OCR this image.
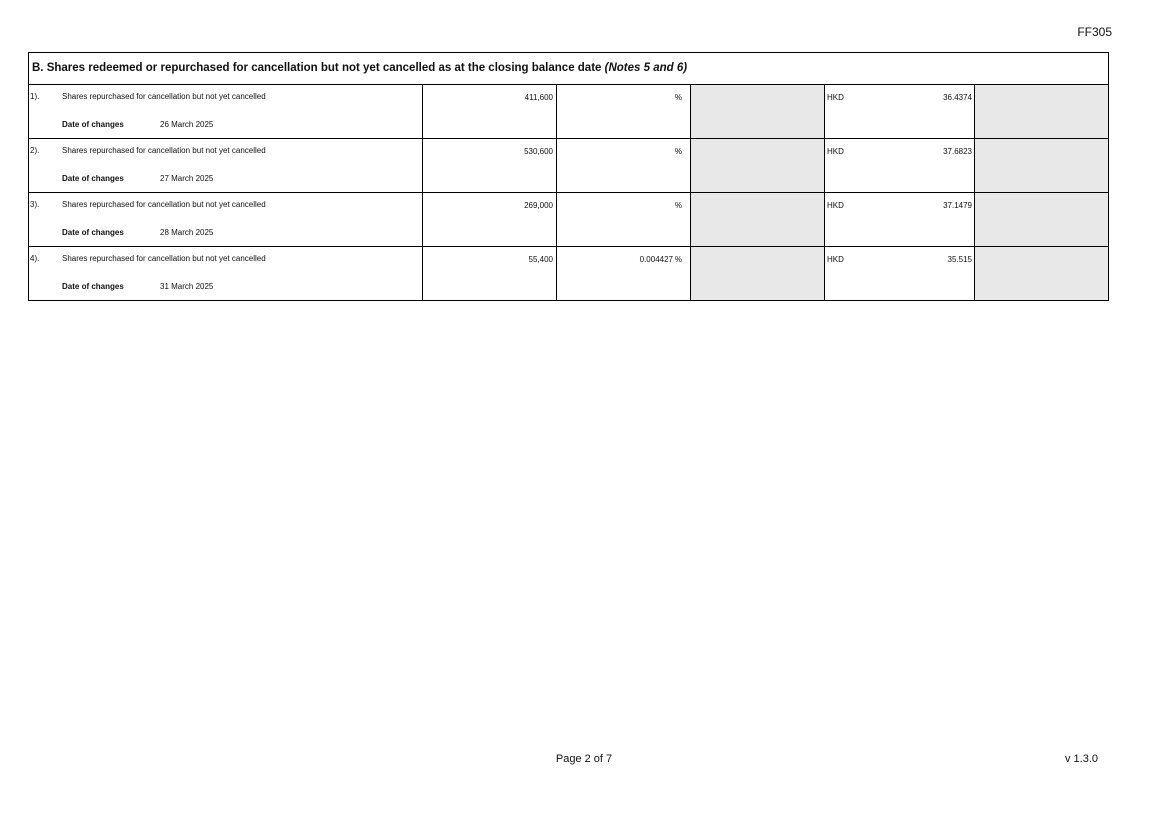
FF305
B. Shares redeemed or repurchased for cancellation but not yet cancelled as at the closing balance date (Notes 5 and 6)
1).	Shares repurchased for cancellation but not yet cancelled
Date of changes	26 March 2025
411,600	%	HKD	36.4374
2).	Shares repurchased for cancellation but not yet cancelled
Date of changes	27 March 2025
530,600	%	HKD	37.6823
3).	Shares repurchased for cancellation but not yet cancelled
Date of changes	28 March 2025
269,000	%	HKD	37.1479
4).	Shares repurchased for cancellation but not yet cancelled
Date of changes	31 March 2025
55,400	0.004427 %	HKD	35.515
Page 2 of 7	v 1.3.0
